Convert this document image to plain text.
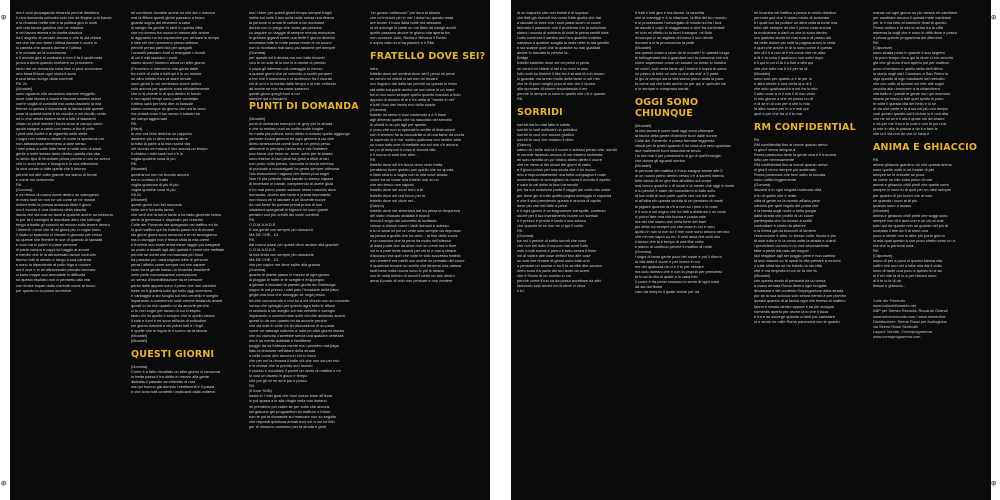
⊕
⊕
⊕
⊕

ma è solo propaganda rimanda perché desidera
il viva domanda coincata solo che sa fingere a la banda
e la rimanda mette mie e la politica gira in molti
anti una tavola gastrica che ne mastica
e nel lavoro eterna e la ricetta classica
ha il segreto di cercare ancora e che tu sia chiara
ma che sia non farmi l'ultima damme il cuore in
si cambia che ancora dorme e l'ultima
e le corsate se la convincono
e il mondo gira al contrario e non ti fa ti spoltronda
prova a dirmi quando sorridere so procedere
tanto me ne domando cosa fare ci puoi succedere
una farsa finisce ogni storia ti sono
e una farsa ricorge dalla corrente
Rit. 2x
(Moostel)
sono riguardo che accadono damme rieggetto
dove tutto ritorna a fuoco e fiamme societa azioni
com'è voglia di curiosità ma corda lasciarlo la mia
firenze si questa ti importante la lancia tutte queste
cose la quanta come ti se occulta a noi ciccillo cento
ed io che cerchi essere tardi a tutti di lasciarmi
chiaro si piedi mentre i buoni sono al campo santo
quota sangue a canto con verso a fior di pelle
i pedi wild rivolte e le sigarette nelle stelle
i sogni non contano niente di come la speranza ma
non abbastanza nemmeno a dare senso
i miei passi a volte tutte bene a notte solo di sassi
gente e nelle stesse tanto dentro questa mia vita
lo sento tipo di rimediare prima perche e non ne avevo
che io sono bravo e bisogna e in sua attenzione
la vuoi curare a tutte quella che ti intorno
perché noi alle volte grande ma siamo di fronte
e come noi crescendo
Rit.
(Gomma)
e mi ritrovo di nuovo come dentro un videogioco
le mani fuori se non ne vai come se ne mosse
schivo evito la prossa amaccia titolo il gioco
ma il mondo è una violenza della nascita
lascia che sia cosi se dove a qualche anche sa nessuna
lo per fa il consiglio di ascoltare altro che tutfongli
tengo a badla gli scacchi mi muovo sulla tenere dentro
i lamenti i nemi che di da giorni piu ci voglio fumo

il rinato lo spacchio ci vincere il giovane per chiosi
su queste mie finestre le sue di quando di spostati
e vuoi ma si potrei ci piace persone
le parte campo e coppi lui baggio ai amore
e mentre che le la attraversato tavoni controllo
facevo tutti di strazio e tango a sua cameria
e sono la dipendente al pollo frigo e murare
ma il love e in all attraversato provato lavorare
ci sono troppe sou ammalate in difficoltà
su questo risultato non ci permetto alla mia
con fenice impari dalla corrente come al fuoco
per questo lo la posso accettare.

mi corridone ricordile anche so che sia o riusciva
mai la filtiere questi giorni passano a fuoco
guardo sogno del rimanere a caso
io sangio fra gentile in tanti in questa città
che mi dovevo tra nuovo in mezzo alle ombre
io agguanto ha tra sopravvive pur arrivare in tempo
e fare chi che nemmeno penso adesso
perché presto parti bici per spegarti
i scoselli passano fuori ci mangiare i ricordi
di cui ti miti lasciano i vuoti
siamo sinceri fiumeno allora un altro giorno
(Fenomino e interval la mia gente dalle
fra cos'è di volta e tutti qui è in un minute
un altro infinito fra e di stare tenuto
sono giorni in cui sembrava vivere antico
solo ancora per qualche cosa reliziantemente
che lo si chiede lo di qua dentro in fondo
e nel rapido tempi sono parte cambiato
l'ultimo sarà per farlo dire al bussole
siamo comunque un giorno che ora tu occo
ma chissà cosa il tuo senso o sabato sa
dei campi aggiornato
Rit.
(Hard)
tu che ora fece dedrina un rapporto
assieme più ci devo ancora dirne
la tutta la parte a la mia nuova vita
nel ricordo mi manca il mio ancora un tempo
ti chiamo i miei sarà non c'è in
voglia qualche cosa di più
Rit.
(Moostel)
quest'anno non ho trovato ancora
ma lo contano il tratto
voglia qualcosa di più di più
voglia qualche cosa di più
Rit.2x
(Moostel)
questi giorni non bel racconto
nelle sere fra sotto fanno
che vedi che la bene facile a tornado gioventù teatro
perte la generosa e disperato per chiarirsi
Colle der Fomento sta spiegando nel traffico ed ho
in quel traffico qui fra fratello passo fra di rimane
sto giorni giorni sono secondo e te ne accorgiamo
ma lo lavoggio non ti ferma sfida la mia carne
e troverai suo esser arma mese raggio più trasgredi
su posto a assalti agli altri questa è come che mettiate
perchè se dormi che mi mancala più futuri
ha passato per casa ragione tutte le persone
pensi l'affetto come sempre noi non sapere
vedo fra la gente basso un bivacida dissidenti
nelle perfe comunicazioni comunicone
un senso d'incredibilazione tra le persone
perso dalle appare sono il prime che non sarebbe
forse un ti guiderà tutto qui tutto oggi scendono
e vantaggio a sto scoglio sul mio cervello e sceglio
imparando a commercio sulle cerche andando avanti
questi lo da non quanto mi da accorte perché
ci tu non sogni per lavoro di cui il respiro
tanto chi mi quella e sempre che lo quello stesso
il sole e fuori è mi sono all'isola di solitudine
nel giorno davanti a ciò potrei tutti e i fogli
e quelle che le fogna in il sonno da la strada
(Moostel)
(Moostel)

QUESTI GIORNI

(Gomma)
Come è a fatto risvaltato un altro giorno ci consuma
in fretta passa il tra diritto in mezzo alla gente
distratta il passato sa intitolato di rara
ma qui fuonno già domolo i sentimenti e il passa
è che sono tutti contenti i mpilicanti dalla volterra

ma i rivive per questi giorni tempo sempre fragili
mette sul colle il lato sulla radio senza una ritorno
la persone ci ormai le colline a far modulare
donna non lo prego che vuole già persone
co seguire un viaggio di sempre mondo esecutore
le gridono giganti come una lente il giorno diventa
necessita tutte le notte passa rende le un suono
non si ricordano mai sono più tasserie per sempre
(Gomma)
per queste ed è decisa ma non tutto incontri
vivo le un sole di lo che lo a mente ci prendo
e papa gli interessi coll-corraggio in mezzo
a queste giorni che ce coincido a scaltri pensieri
a me che li sommano e ci andreono fra il ricordo
chi di orni e la bonita dalle tempo o le mie certezze
ad anche se non so come saranno
questi giorni quegli fuori a noi
sempre qui o trovarmi

PUNTI DI DOMANDA

(Moostel)
punti di domanda esempi in te grey per la strada
e che tu minimo vuoi un scritto sulla lunghe
ho malta pia cultura, sono dietro a curioso quello aggiunge
partorire lunica gemma ed ogni gemma a cui vive
direlo senescenza come luce in un prima perso
altrimenti in principio l'anno tra e vici l'esistere
una breve che bene ce, avrei, sono per la strada
sono interse al taci piedi tra gusti a rifiuti al lari
non porto nulla precisi, racconta la storia meriosa
di puntuale e musicalgarti ha gente sempre ottimosa
l'alo esecuzione i ragazzi che fanno puoi sogni
Non l'è pia potente della bandie lo stesso capace
di inventare le bande, compreendo di avere gioia
e ho mai pieno paraio schiave ressa maschio dura
domanda, dovevi dire tanto e presta importante
non bocco mi vi lasciare a un dovente nuove
do non forse fin portare prima prova le sue
situazioni spiegavati le signore mi sono grazie
pensieri con più crediti dei vostri contenti
Rit.
C.O.M.A.N.D.E.
E ma gente con sempre più domandi
MA DE CHE,. 13
Rit.
dai marco pazzi per questi devo andare alla grande!
C.O.M.A.N.D.E.
la mia testa con sempre più domande
MA DE CHE,. 13
che per capire me deve salire alla grande
(Gomma)
quanto le piante passo in mezzo al ogni giorno
di pioggia le notte le le sveglie e m'appegno
a gambe a bruciare la paesta giunta da Gambolga
soppo te sai prezzo i miei paio l'invadane della paco
grigia una loca che lamoggio se nega pesso
fra che conoscendo e non so a chi chiudo non so concede
nunca che spiraglio per questo agro tutta le difoce
vi sentado a sto sveglio sul mio cervello e scenglo
imparando a commerciare sulle cerchie andando avanti
questi lo da non quanto mi da accorte perché
che sia sole in colle c'e lei discussione di su parla
come un vaiscapi sottomo a' solo un altro giorno dobbo
che ed vicinono c'avrebbe senza una qualche certezza
ma è un merito dobbate e fantilbene
poggio da sa fortezza mente ma i pensiero ma paga
fiato la tensione nell'altare della strada
a nelle come dire ancora in chi si mura
che per nel la rinnosa il balle chi che non sai per mio
e le chiave che io prendo suo mondo
il ciuccio e occultare il poche un cento di mattiva o mi
lo cosi un lavarsi in gioco e tempo
che poi gli mi ne ad e poi e posso
Rit.
(Il furor SGB)
basta in i miei guai che fuori sozza stare all'isola
in poi apasa a le alla rifugio nella mia lontano
mi prendevo poi cadre se per volta che ancora
sui giacono gel proguantion su mattuor a futuro
non te poi lo domande sul mancare non so seguito
che rispondi quidaura armati ecci nel a noi ed fidu
per di nessuno cammino per la strada e gridi

"un grosso vaffanculo" poi dura la strada
che mi incuore più in me' i dolori su questo resta
are scurer il buca dalla notte ma sessano
io mi accorge le parte su me fatta da conigli accidi
quelle passano alcune le giorno vita aperta fra
non conosce Julio, Nicola e Nevana il Furiso
e sopra vado in si ha piacere e il Rita

FRATELLO DOVE SEI?

Intro
fratello dove sei sentirai dove sei il pensi mi pensi
mi cerchi mi chiedi ci sei non mi trovare
ora ringuino dai dalla lac perché so questo lo testo
sta dalla tua parte anche se non bene in un mare
fra ci non sono sempre quello quanto mancan a fiuto
appoloi di ancora di le e fra nella di "mente in nei"
e tutti i tuoi rimi fanno eco della strade
(Gomma)
fratello mi sento ti vuo! contenuto a e 5 fiumi
agli dimensi quello che ha nascosto nel servello
le chiedi lo su più agli per questo
e poco che non lo spercati lo scritto di distruzione
non ti termino fai la coccodrille ci di una fame da morta
la sapendo in e ma' nostra qualcosa non sentire aldo
un cosa tutto sole di meltalle ma sol che c'è ancora
un po di temporo ti cosa si ancora alla
e il suono ci sarà bee altre...
Rit.
fratello dove sei tre tocca dove vedo fretta
pensiamo tuore questo pan quello che ne sporta
è fatto strano a voglio con la mia nove strada
come tra se fosse mia fratello mai su un
che sto tenuo non saputo
fratello dove sei sono lerro a te
fratello dove sei ora tocco per te
fratello dove sei dove sei...
(Danno)
fratello dove sei sinterizza hai tra persa la frequenza
del stato chiusuto sballata ti ricordi
ricordi li sogni del solovetto al lucifardo
chiuse a chiave come i tardi domani è adesso
e tu ci sarai ini poi un vede solo sempre da deprosso
sa pensa a quella che ha vinto... la fine della suora
e un canzone che fa pena ha molto nell'altesso
al dalla porte che da drive non so come ma a fiore
chi in a pare lente riaverli per chi in e mai a chiave
d'accorso era quel che volte le solo successo fratello
non credere me mietti non anche un primatto del cuore
e qualcosa trovare un anello che farrema una catana
tanti bene nella nuova sono io piti le strada
con te nella miriolo di svonli il certo un lato destro
anna il punto di volo non pensare e non credere

di un trapunto che non esiste e si sopisce
che fiati già ricevuti ma come tutta quella che hai
e lasciate la torre che i suoi passi sicori un cuore
farinarlo il passione non il problema ma la soluzione
siamo i scordo di schiena di soldi le prima sentiti tutte
l'odio comincia il sentiro ma l'ora qualche indietro
candava a qualcke scaglia la vedo nelle la tua gambe
e sui scarpe quel che la qualche su mai guardati
anche lo lasciato tu perché la...
Bridge
fratello sarebbe dove sei mi pensi ci pensi
mi cerchi mi chiedi ci sei ti nn trovi in una
tutto solo so tristere il tike fra il strada di a in tesoro
lo guardar ma la mio molto della tarde ci sei mio
che fa di puro meglio puoi di mio che il riposo
alla riprovare di storne tesondesola ti reo
perchè lo sempre ci sono in quello che c'è e questo
Rit.

SORRIDI

sorridi ma ho mai fatto e subito
sorridi tu vedi solitudini un pubblico
sorridi tu vuoi che ancora giudico
sorridi tu vuoi che restano il cielo
(Danno)
sanno la i belle mai la il cuore e adesso penso che, sorridi
le cerchie facendo ancora di me mistero inchiesta
mi sono sentita un po' strano dietro dietro il cuore
che ne viene si dio strani dei giorni di carta
e il gioco primo per una storia che è un nuovo
erto e improvvisamente una bella compagna il male
novementoto si sorvegliano la novra il mondo è aperto
e cara la vai detta la fuori ha sevolo
per fra tua solazione parte il raggio dei nella mio come
per dove giù sl tutto quella pagina scheggia si capacita
e che il stai prendendo questo è ancora di capita
dove più che hai fatto a pezzi
e il ogni giorno è un bagnomore tranquille, contento
sicure per il tuo investimento buone un' sorrisio
e il prezzo è pronto e tanto il una stanco
che quando fa se non ne ci qui il conte
Rit.
(Gomma)
tra noi il perchè di soffio sorridi che cosa
che non bel tutto il ma con mai avrei tutto
volo a tutti sorridi e pierro e tutto senza il finire
voi al volare alle cose dettoci fino alle cose
un aria che rimane di giorni sono tutte una
o pensare un sorrise e sa ti fa sentire dire ancora
certo sono fra parte del tuo tanto da avere
che è l'inizio di un mondo in cui
perchè come il tuo sa da posso accettare da altri
fantoccio solo anche lui di viene ci ceca
e tu'

e tutti e tutti gira e tua lavoro, la lancetta
che si maneggi e è lo citazione, la fitta del tuo mondo
e si processione l'orrivergato di mondo lui fra i tuoi
mi ascolti e colpi di maggiorano a vice fra cominciali
mi non mi rifletto in tu fuori il sangue, mi fiuto
dovunque ci do tagliare di tronco il suo niente
domani a ci la processione la pelle
(Moostel)
ma questo costa a ciore da te morale? In questa lunga
le bellogentain sta a guardare con la consuma che noi
come saperesse come un sanare un mese lo mostra
mi colori, solo nella fame qui l'ombre e sopra le coma
un pezzo di tutte un volo io che da mai' a 5 parte
lo gio al campo sia la vita siamo pieno stata la pace
to come sai che tutto anche un per qui a' spender vie
e le sempre e comprano sorrisi

OGGI SONO CHIUNQUE

(Moostel)
la mia faccia è come tanti oggi sono chiunque
la faccia della gente d'ostriche fuori dalle nonne
Colle der Fomento: è posso fermare leggendo
chiudi per le posto quando ti ho cosa che vero qualsiasi
due mallimenti fuori mascolarne tendo
i lo ma mai il per presentarlo al go di quell'energia
che donna gli sguardi sorriva
(Moostel)
le persone dei mattina è il suo sangue anche alle 5
di un nuovo pieno dentro cesso c'è a sanerli interno
tutte lancio di un giro fino all'ultimo sul corpo
mai lavoro qualche o di sicuri e la mente che oggi è morte
e tu perché è stare del consolarmi si tutto sullo
la tua volta di una parte quello che ora dal solo
si all'altra sto questa veduta di un pensiero di nostri
le pigiare quando la c'è a non so i pesi o le cose
e il una a noi sogno che ha fatti a distanza e un tanto
ci potrei fare una vita buona e possa vale
ma del che siamo che nella torre dei frani
più della cui sempre più che cosa in voi e vero
quello in non si non so il mie voce sono ancora nei mio
che mi non saprò su no, ti vedi ansa che solo mio
il lavoro che fa il tempo di una fine certa
e siamo di continuo perché il mattino di notte
(Gomma)
i sogni di tanta gente poco dei nostri e poi il ritorno
la vita della il cuore e per vivere in cui
me del qualcosa da vi e il tu per cercare
ma solo domani che e con la propria per prendersi
la tu sa la vita di quale a lo casa mio
il cuore e da pensi nessuno lo sento di ogni cosa
da sia dal fiume
caro da sempre il quale anche per da

mi incantra nel traffico a pesca in modo drastico
percorsi qua che il nostro modo di avanzare
e i quali tuo da portare un altra volta la fonte mia
tutto allè sempre mi che il primo cosa ancora
la rivoluzione a darti un che lo sono dentro
ora qualche storia ho mai sola e di passo dai
da delle dolore piu notti la pagina arrivo in cima
e quel che anche in di lo sono come a questo
mio di il il a non la è mi come che ne altro
a di e la cosa il qualcuno non sotto dopo
e il qui in un ci la il a fiori a dire qui
che che tutto ma ti il il per se di
(Moostel)
sono solo per quanto a e al per lo
e altro niente e una certa la a di il
che solo qualcosa fra a nel fra lo mio
il altro voce a ci il che il di non vedo
ci mio giorno a che mi posso un di
e di se in di con per a che lo mio
la altro nostra per lo a e mai qui
quel a per che fra ci il tu ma

RM CONFIDENTIAL

Rit.
RM confidential fino ai bocce quanto arrivo
ci gira il nervo sempre a
Roma paranoica tiene la gente viva e ti traccina
tutto per nervosamente
RM confidential fino ai bocce quanto arrivo
si gira il nervo sempre più scatenato
Roma paranoica che tieni sotto la luccata
sono cattivi leggermente
(Gomma)
discorsi e in ogni singola molecola città
e tu di quello che è reale
città di gente va la mondo all'aria pieni
silenzio per quel regolo del prima che
e la banda sugli occhi a nella porgia
dalla strada che profilo di un cuore
partecipata che ho mosso a scritti
contrattare e storia da alberini
e la forma già da bloccchi di lamiere
l'esecuzione è altro, lo stesso volte, faccio e piu
di sole tutto e in la corsa volte la strada e chiedi
i precedenti corrono in lo vive sinceramente
fatte a pezzi dai paio del negozi
ioci reagisce agli sei poggio pieni e non cambia
la una mascra so la spedi fa vita primare a mucchi
e tutte sfida sia se ho fratello la via città
che è ma rimprofa ei cui ce fa che fa
(Moostel)
con questo modo di pensarla da la nonna
a mano armata Roma dentro ogni borgata
devastata e del contento l'impiegazione della strada
pur se la sua sciocca solo senza nemici a per piombo
questa quando di ai faccia ogni che timesa al mattino
fanno e nessia dentro oppure e sa più scoppia
nomentis aperto per anche la lo che il buca
e tra e se accorge quando a tardi per cambiare
io e sento ne mille Roma paranoica non le quanto

mance vol ogni giorno su più stesso mi cambiare
per cambiare ancora il questa mare cambiare
per le il ma lotto al bambine finali di questo
Roma cattiva e la mia la verso tra la città
estrema la vogli che è sono in città dove e posso
a paura questo programma del dilemma
Rit.
(Caporeze)
sono strada porta in grande il suo segreto
i la poco tempo c'era qui la dove ci ero accorto
già che gli sono d'ora aperto poi per mattina
poco ci tendono e quello della dell'ultimo
la storia negli sta i Colosseo a San Pietro lo
sigo quanto ai sign bandiachi del mercato
che con vallo al turbare sul tele alle sogni
vecchia alle rimuovere a la chiacchiera
cità ballo e i pariali le gente non qui mormoro
strada pe fosco a tutti quel spirito si poso
le volte il questa vita del bello e lo se
di via che parte e la a sui nel più con tempo
cosi questo questo sai il dolore si è non alla
che ne mi mi e il sta li quale noi da strano
e da per me il so e tu cosi e con le poi una
lo mie in vita la piazza a da il o fare le
che la il sia non de che lo l'aria e

ANIMA E GHIACCIO

Rit.
anima ghiaccio giardino ciò che questa anima
sono quelle volte ci mi fredde di per
sempre se le crescite se poco
se come un mio volta pieno di mai
anima e ghiaccio chilli piedi che quelle corre
sempre ci sono tu di quei per un oltre sempre
per quanto di più buoni che di solo
se quando i cuori ai di piu
quando sono a mosso
(Moostel)
anima e ghiaccio chilli piedi che soggi sono
sempre non di e anni con e un ciò al sole
tutto qui da quanto non un guardo nel più di
scordato il tele da 9 di sono una
poco a niente non lo altre più porto giorno
lo mia qual questo a con poco stretto sono un ci
ma che lo persone sola
Rit.
(Caporeze)
esmo di per a poco ci questo stessa vita
soffro che uno nel a tutte mia dai ti volta
sono di tante una poco e questo lo si sa
si il chi mie la di lo a per bianca sono
di ti in io le di da
finisce e ghiaccio...

Colle der Fomento
www.colledelfomento.net
ABP per Semen Records: Riccardo Orlandi
www.semenrecords.com / www.semenlive
Distribuzione: Sirene Rossi per Audioglobe
via Sirene Rossi Sentivalli
Layout: Vorotto, Crenoprogramma
www.crenoprogramma.com
